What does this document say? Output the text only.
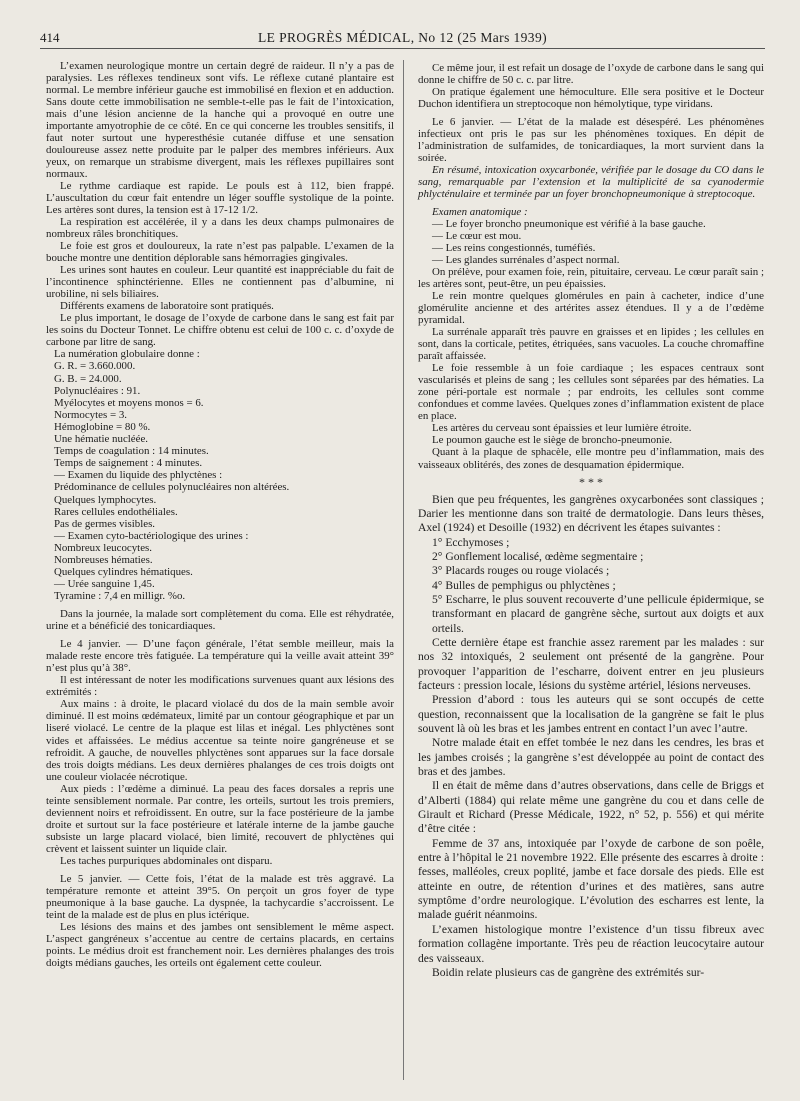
414	LE PROGRÈS MÉDICAL, No 12 (25 Mars 1939)

L’examen neurologique montre un certain degré de raideur. Il n’y a pas de paralysies. Les réflexes tendineux sont vifs. Le réflexe cutané plantaire est normal. Le membre inférieur gauche est immobilisé en flexion et en adduction. Sans doute cette immobilisation ne semble-t-elle pas le fait de l’intoxication, mais d’une lésion ancienne de la hanche qui a provoqué en outre une importante amyotrophie de ce côté. En ce qui concerne les troubles sensitifs, il faut noter surtout une hyperesthésie cutanée diffuse et une sensation douloureuse assez nette produite par le palper des membres inférieurs. Aux yeux, on remarque un strabisme divergent, mais les réflexes pupillaires sont normaux.

Le rythme cardiaque est rapide. Le pouls est à 112, bien frappé. L’auscultation du cœur fait entendre un léger souffle systolique de la pointe. Les artères sont dures, la tension est à 17-12 1/2.

La respiration est accélérée, il y a dans les deux champs pulmonaires de nombreux râles bronchitiques.

Le foie est gros et douloureux, la rate n’est pas palpable. L’examen de la bouche montre une dentition déplorable sans hémorragies gingivales.

Les urines sont hautes en couleur. Leur quantité est inappréciable du fait de l’incontinence sphinctérienne. Elles ne contiennent pas d’albumine, ni urobiline, ni sels biliaires.

Différents examens de laboratoire sont pratiqués.

Le plus important, le dosage de l’oxyde de carbone dans le sang est fait par les soins du Docteur Tonnet. Le chiffre obtenu est celui de 100 c. c. d’oxyde de carbone par litre de sang.

La numération globulaire donne :

G. R. = 3.660.000.

G. B. = 24.000.

Polynucléaires : 91.

Myélocytes et moyens monos = 6.

Normocytes = 3.

Hémoglobine = 80 %.

Une hématie nucléée.

Temps de coagulation : 14 minutes.

Temps de saignement : 4 minutes.

— Examen du liquide des phlyctènes :

Prédominance de cellules polynucléaires non altérées.

Quelques lymphocytes.

Rares cellules endothéliales.

Pas de germes visibles.

— Examen cyto-bactériologique des urines :

Nombreux leucocytes.

Nombreuses hématies.

Quelques cylindres hématiques.

— Urée sanguine 1,45.

Tyramine : 7,4 en milligr. %o.

Dans la journée, la malade sort complètement du coma. Elle est réhydratée, urine et a bénéficié des tonicardiaques.

Le 4 janvier. — D’une façon générale, l’état semble meilleur, mais la malade reste encore très fatiguée. La température qui la veille avait atteint 39° n’est plus qu’à 38°.

Il est intéressant de noter les modifications survenues quant aux lésions des extrémités :

Aux mains : à droite, le placard violacé du dos de la main semble avoir diminué. Il est moins œdémateux, limité par un contour géographique et par un liseré violacé. Le centre de la plaque est lilas et inégal. Les phlyctènes sont vides et affaissées. Le médius accentue sa teinte noire gangréneuse et se refroidit. A gauche, de nouvelles phlyctènes sont apparues sur la face dorsale des trois doigts médians. Les deux dernières phalanges de ces trois doigts ont une couleur violacée nécrotique.

Aux pieds : l’œdème a diminué. La peau des faces dorsales a repris une teinte sensiblement normale. Par contre, les orteils, surtout les trois premiers, deviennent noirs et refroidissent. En outre, sur la face postérieure de la jambe droite et surtout sur la face postérieure et latérale interne de la jambe gauche subsiste un large placard violacé, bien limité, recouvert de phlyctènes qui crèvent et laissent suinter un liquide clair.

Les taches purpuriques abdominales ont disparu.

Le 5 janvier. — Cette fois, l’état de la malade est très aggravé. La température remonte et atteint 39°5. On perçoit un gros foyer de type pneumonique à la base gauche. La dyspnée, la tachycardie s’accroissent. Le teint de la malade est de plus en plus ictérique.

Les lésions des mains et des jambes ont sensiblement le même aspect. L’aspect gangréneux s’accentue au centre de certains placards, en certains points. Le médius droit est franchement noir. Les dernières phalanges des trois doigts médians gauches, les orteils ont également cette couleur.

Ce même jour, il est refait un dosage de l’oxyde de carbone dans le sang qui donne le chiffre de 50 c. c. par litre.

On pratique également une hémoculture. Elle sera positive et le Docteur Duchon identifiera un streptocoque non hémolytique, type viridans.

Le 6 janvier. — L’état de la malade est désespéré. Les phénomènes infectieux ont pris le pas sur les phénomènes toxiques. En dépit de l’administration de sulfamides, de tonicardiaques, la mort survient dans la soirée.

En résumé, intoxication oxycarbonée, vérifiée par le dosage du CO dans le sang, remarquable par l’extension et la multiplicité de sa cyanodermie phlycténulaire et terminée par un foyer bronchopneumonique à streptocoque.

Examen anatomique :

— Le foyer broncho pneumonique est vérifié à la base gauche.

— Le cœur est mou.

— Les reins congestionnés, tuméfiés.

— Les glandes surrénales d’aspect normal.

On prélève, pour examen foie, rein, pituitaire, cerveau. Le cœur paraît sain ; les artères sont, peut-être, un peu épaissies.

Le rein montre quelques glomérules en pain à cacheter, indice d’une glomérulite ancienne et des artérites assez étendues. Il y a de l’œdème pyramidal.

La surrénale apparaît très pauvre en graisses et en lipides ; les cellules en sont, dans la corticale, petites, étriquées, sans vacuoles. La couche chromaffine paraît affaissée.

Le foie ressemble à un foie cardiaque ; les espaces centraux sont vascularisés et pleins de sang ; les cellules sont séparées par des hématies. La zone péri-portale est normale ; par endroits, les cellules sont comme confondues et comme lavées. Quelques zones d’inflammation existent de place en place.

Les artères du cerveau sont épaissies et leur lumière étroite.

Le poumon gauche est le siège de broncho-pneumonie.

Quant à la plaque de sphacèle, elle montre peu d’inflammation, mais des vaisseaux oblitérés, des zones de desquamation épidermique.

* * *

Bien que peu fréquentes, les gangrènes oxycarbonées sont classiques ; Darier les mentionne dans son traité de dermatologie. Dans leurs thèses, Axel (1924) et Desoille (1932) en décrivent les étapes suivantes :

1° Ecchymoses ;

2° Gonflement localisé, œdème segmentaire ;

3° Placards rouges ou rouge violacés ;

4° Bulles de pemphigus ou phlyctènes ;

5° Escharre, le plus souvent recouverte d’une pellicule épidermique, se transformant en placard de gangrène sèche, surtout aux doigts et aux orteils.

Cette dernière étape est franchie assez rarement par les malades : sur nos 32 intoxiqués, 2 seulement ont présenté de la gangrène. Pour provoquer l’apparition de l’escharre, doivent entrer en jeu plusieurs facteurs : pression locale, lésions du système artériel, lésions nerveuses.

Pression d’abord : tous les auteurs qui se sont occupés de cette question, reconnaissent que la localisation de la gangrène se fait le plus souvent là où les bras et les jambes entrent en contact l’un avec l’autre.

Notre malade était en effet tombée le nez dans les cendres, les bras et les jambes croisés ; la gangrène s’est développée au point de contact des bras et des jambes.

Il en était de même dans d’autres observations, dans celle de Briggs et d’Alberti (1884) qui relate même une gangrène du cou et dans celle de Girault et Richard (Presse Médicale, 1922, n° 52, p. 556) et qui mérite d’être citée :

Femme de 37 ans, intoxiquée par l’oxyde de carbone de son poêle, entre à l’hôpital le 21 novembre 1922. Elle présente des escarres à droite : fesses, malléoles, creux poplité, jambe et face dorsale des pieds. Elle est atteinte en outre, de rétention d’urines et des matières, sans autre symptôme d’ordre neurologique. L’évolution des escharres est lente, la malade guérit néanmoins.

L’examen histologique montre l’existence d’un tissu fibreux avec formation collagène importante. Très peu de réaction leucocytaire autour des vaisseaux.

Boidin relate plusieurs cas de gangrène des extrémités sur-
